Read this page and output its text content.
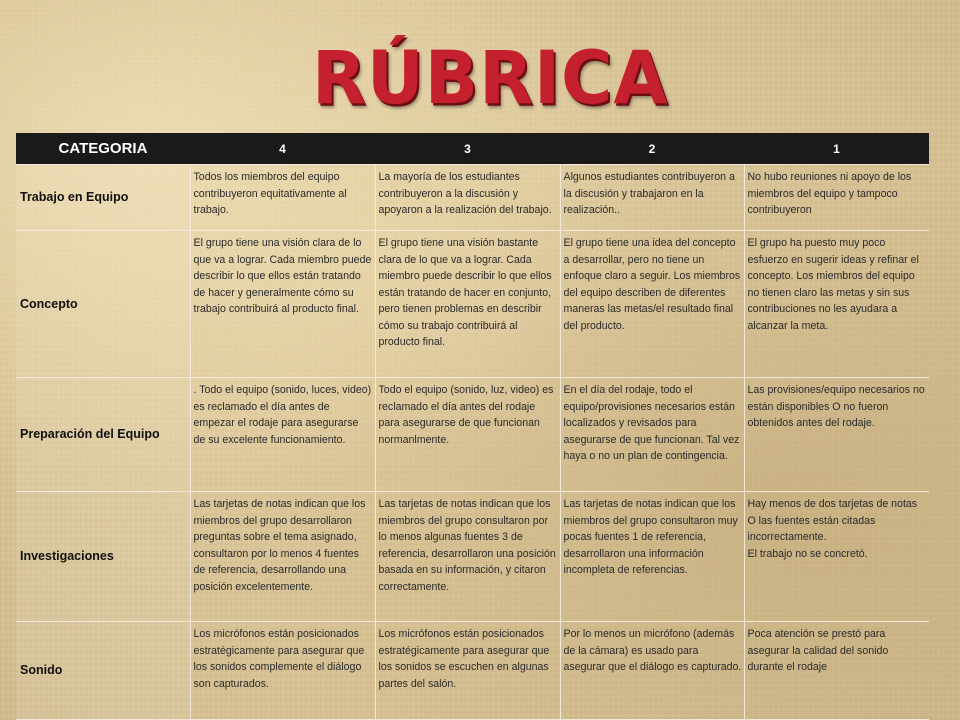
RÚBRICA
CATEGORIA	4	3	2	1
Trabajo en Equipo	Todos los miembros del equipo contribuyeron equitativamente al trabajo.	La mayoría de los estudiantes contribuyeron a la discusión y apoyaron a la realización del trabajo.	Algunos estudiantes contribuyeron a la discusión y trabajaron en la realización..	No hubo reuniones ni apoyo de los miembros del equipo y tampoco contribuyeron
Concepto	El grupo tiene una visión clara de lo que va a lograr. Cada miembro puede describir lo que ellos están tratando de hacer y generalmente cómo su trabajo contribuirá al producto final.	El grupo tiene una visión bastante clara de lo que va a lograr. Cada miembro puede describir lo que ellos están tratando de hacer en conjunto, pero tienen problemas en describir cómo su trabajo contribuirá al producto final.	El grupo tiene una idea del concepto a desarrollar, pero no tiene un enfoque claro a seguir. Los miembros del equipo describen de diferentes maneras las metas/el resultado final del producto.	El grupo ha puesto muy poco esfuerzo en sugerir ideas y refinar el concepto. Los miembros del equipo no tienen claro las metas y sin sus contribuciones no les ayudara a alcanzar la meta.
Preparación del Equipo	. Todo el equipo (sonido, luces, video) es reclamado el día antes de empezar el rodaje para asegurarse de su excelente funcionamiento.	Todo el equipo (sonido, luz, video) es reclamado el día antes del rodaje para asegurarse de que funcionan normanlmente.	En el día del rodaje, todo el equipo/provisiones necesarios están localizados y revisados para asegurarse de que funcionan. Tal vez haya o no un plan de contingencia.	Las provisiones/equipo necesarios no están disponibles O no fueron obtenidos antes del rodaje.
Investigaciones	Las tarjetas de notas indican que los miembros del grupo desarrollaron preguntas sobre el tema asignado, consultaron por lo menos 4 fuentes de referencia, desarrollando una posición excelentemente.	Las tarjetas de notas indican que los miembros del grupo consultaron por lo menos algunas fuentes 3 de referencia, desarrollaron una posición basada en su información, y citaron correctamente.	Las tarjetas de notas indican que los miembros del grupo consultaron muy pocas fuentes 1 de referencia, desarrollaron una información incompleta de referencias.	Hay menos de dos tarjetas de notas O las fuentes están citadas incorrectamente.
El trabajo no se concretó.
Sonido	Los micrófonos están posicionados estratégicamente para asegurar que los sonidos complemente el diálogo son capturados.	Los micrófonos están posicionados estratégicamente para asegurar que los sonidos se escuchen en algunas partes del salón.	Por lo menos un micrófono (además de la cámara) es usado para asegurar que el diálogo es capturado.	Poca atención se prestó para asegurar la calidad del sonido durante el rodaje
